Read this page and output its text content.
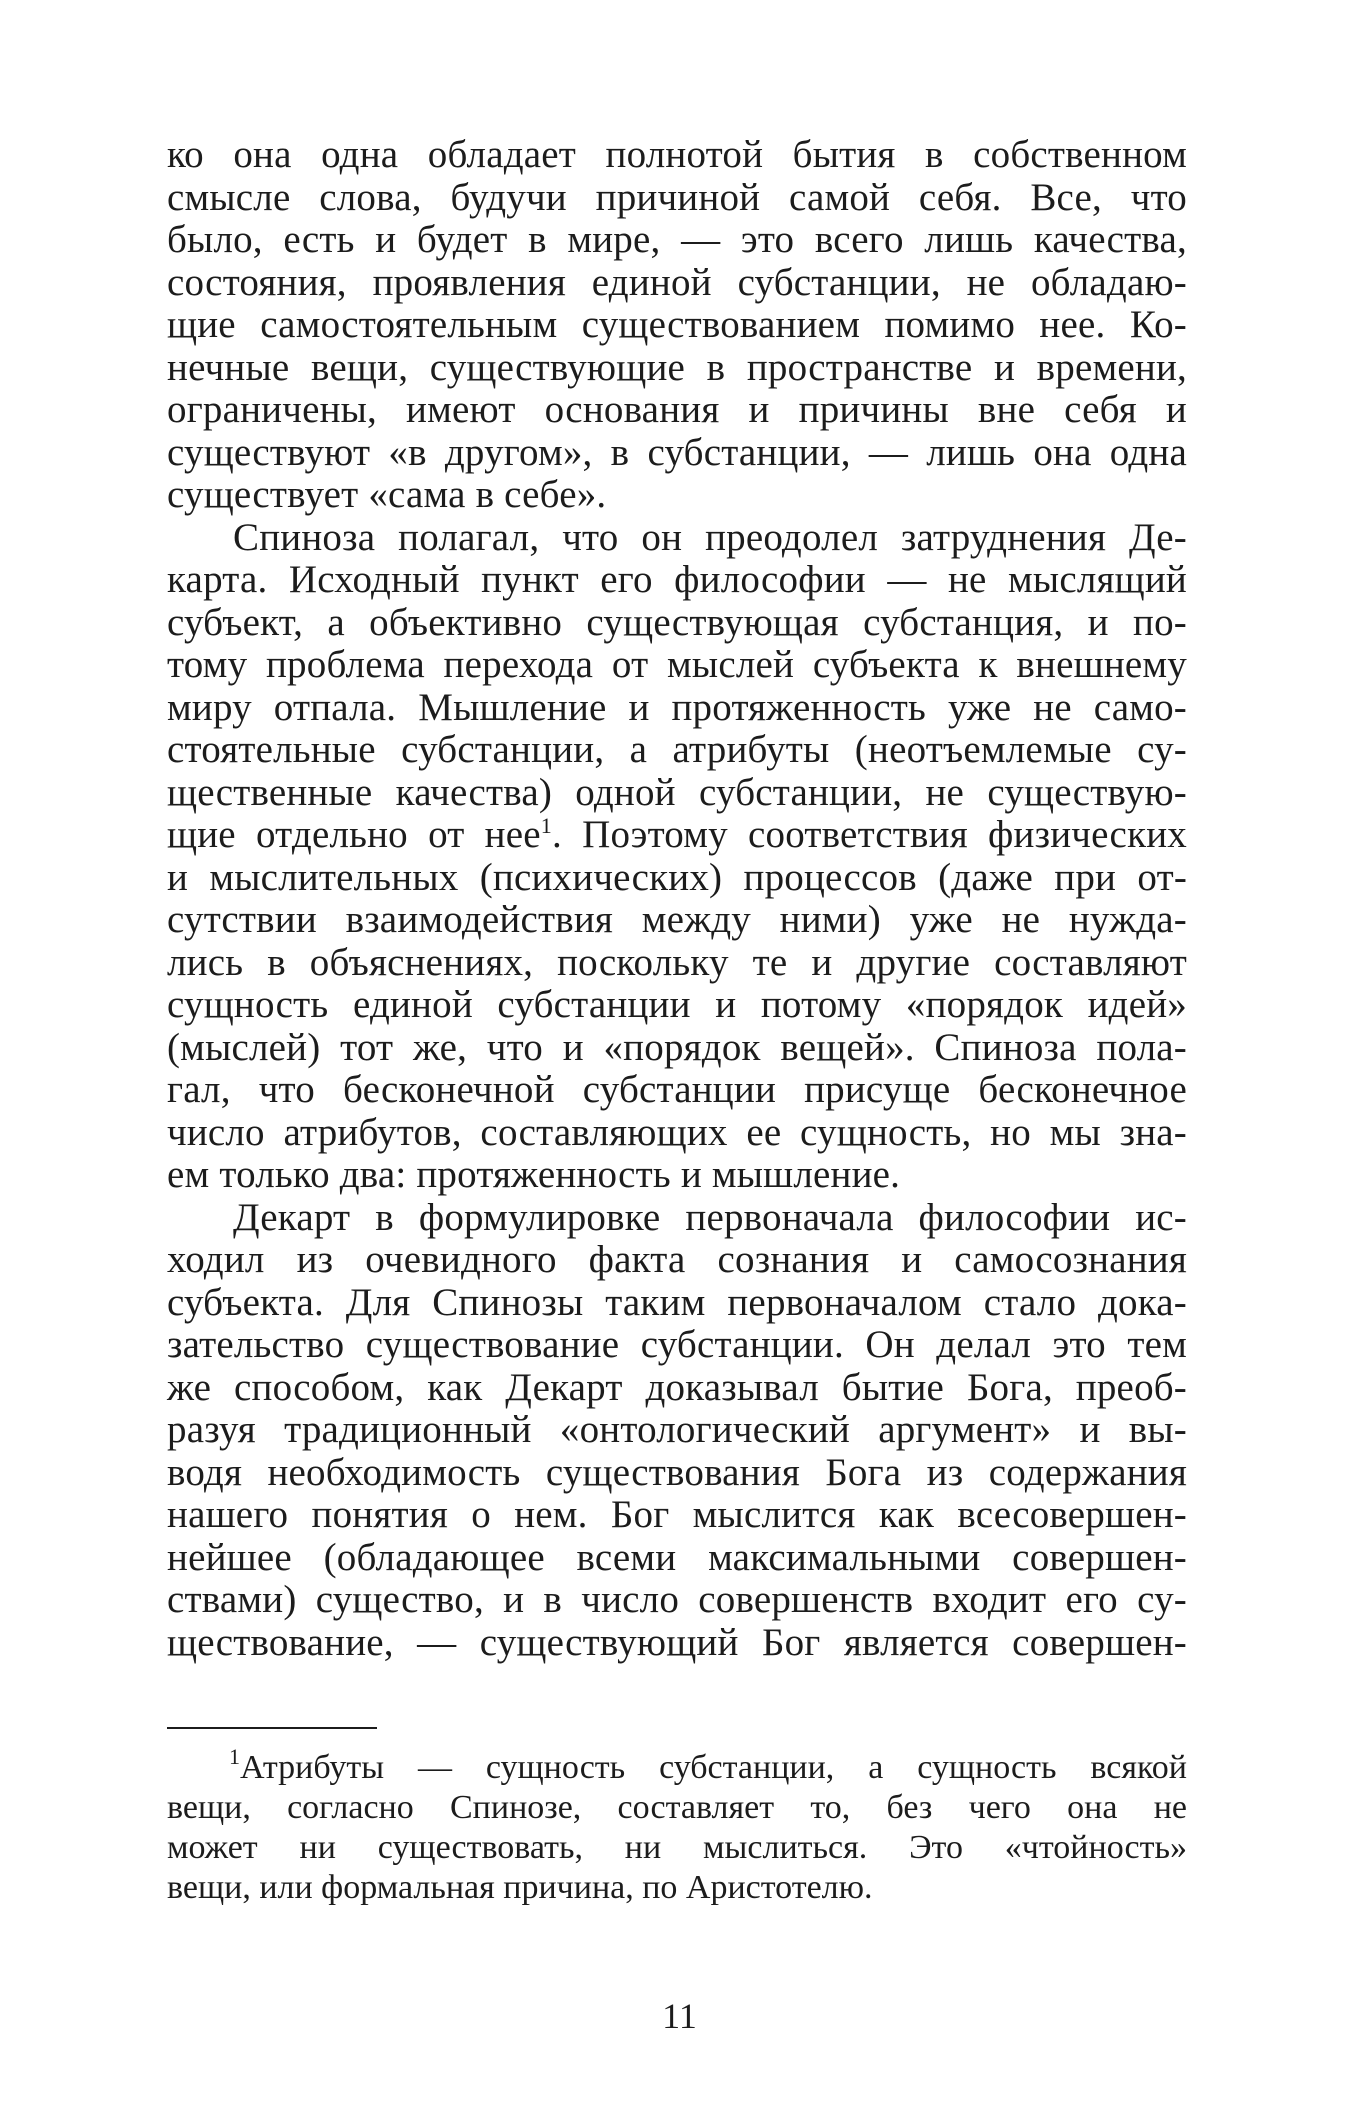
ко она одна обладает полнотой бытия в собственном
смысле слова, будучи причиной самой себя. Все, что
было, есть и будет в мире, — это всего лишь качества,
состояния, проявления единой субстанции, не обладаю-
щие самостоятельным существованием помимо нее. Ко-
нечные вещи, существующие в пространстве и времени,
ограничены, имеют основания и причины вне себя и
существуют «в другом», в субстанции, — лишь она одна
существует «сама в себе».
Спиноза полагал, что он преодолел затруднения Де-
карта. Исходный пункт его философии — не мыслящий
субъект, а объективно существующая субстанция, и по-
тому проблема перехода от мыслей субъекта к внешнему
миру отпала. Мышление и протяженность уже не само-
стоятельные субстанции, а атрибуты (неотъемлемые су-
щественные качества) одной субстанции, не существую-
щие отдельно от нее$^1$. Поэтому соответствия физических
и мыслительных (психических) процессов (даже при от-
сутствии взаимодействия между ними) уже не нужда-
лись в объяснениях, поскольку те и другие составляют
сущность единой субстанции и потому «порядок идей»
(мыслей) тот же, что и «порядок вещей». Спиноза пола-
гал, что бесконечной субстанции присуще бесконечное
число атрибутов, составляющих ее сущность, но мы зна-
ем только два: протяженность и мышление.
Декарт в формулировке первоначала философии ис-
ходил из очевидного факта сознания и самосознания
субъекта. Для Спинозы таким первоначалом стало дока-
зательство существование субстанции. Он делал это тем
же способом, как Декарт доказывал бытие Бога, преоб-
разуя традиционный «онтологический аргумент» и вы-
водя необходимость существования Бога из содержания
нашего понятия о нем. Бог мыслится как всесовершен-
нейшее (обладающее всеми максимальными совершен-
ствами) существо, и в число совершенств входит его су-
ществование, — существующий Бог является совершен-
$^1$Атрибуты — сущность субстанции, а сущность всякой
вещи, согласно Спинозе, составляет то, без чего она не
может ни существовать, ни мыслиться. Это «чтойность»
вещи, или формальная причина, по Аристотелю.
11
